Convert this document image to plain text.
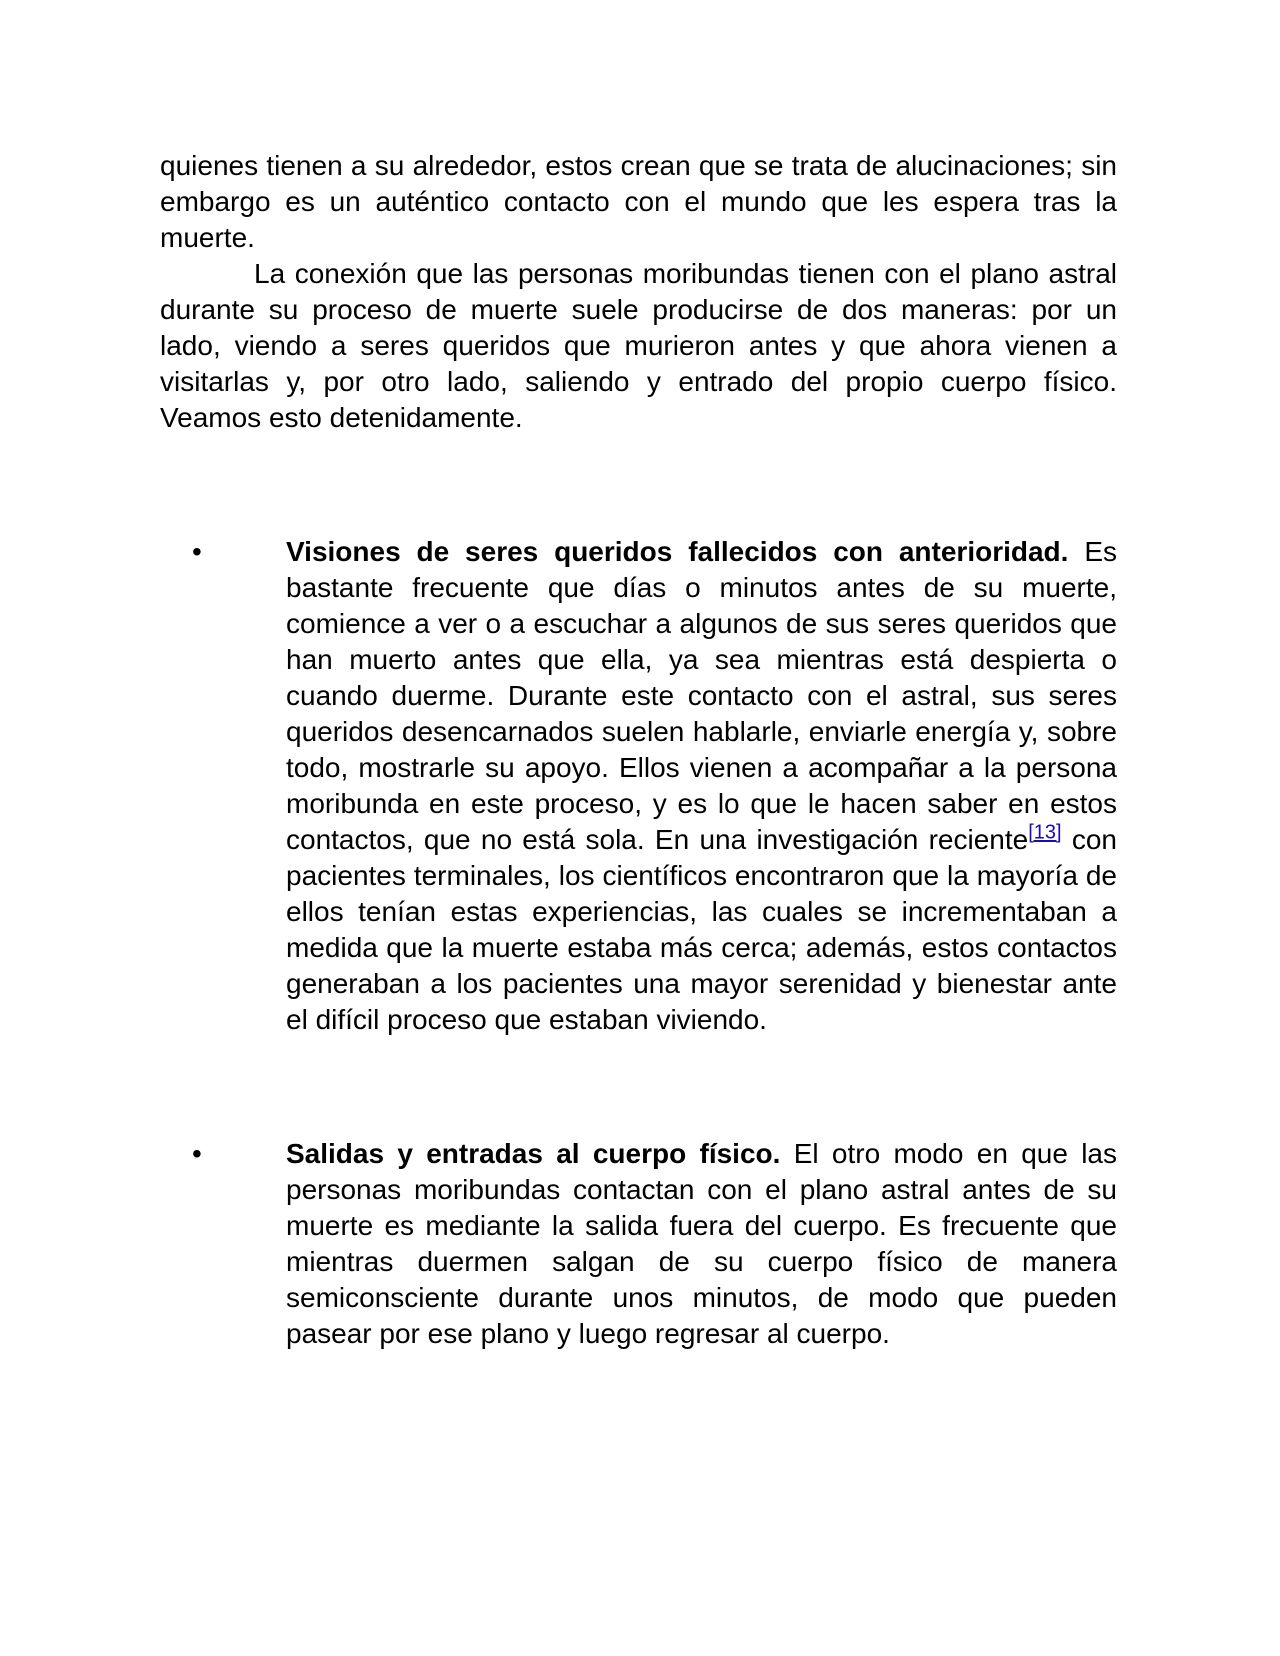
quienes tienen a su alrededor, estos crean que se trata de alucinaciones; sin embargo es un auténtico contacto con el mundo que les espera tras la muerte.

La conexión que las personas moribundas tienen con el plano astral durante su proceso de muerte suele producirse de dos maneras: por un lado, viendo a seres queridos que murieron antes y que ahora vienen a visitarlas y, por otro lado, saliendo y entrado del propio cuerpo físico. Veamos esto detenidamente.

•	Visiones de seres queridos fallecidos con anterioridad. Es bastante frecuente que días o minutos antes de su muerte, comience a ver o a escuchar a algunos de sus seres queridos que han muerto antes que ella, ya sea mientras está despierta o cuando duerme. Durante este contacto con el astral, sus seres queridos desencarnados suelen hablarle, enviarle energía y, sobre todo, mostrarle su apoyo. Ellos vienen a acompañar a la persona moribunda en este proceso, y es lo que le hacen saber en estos contactos, que no está sola. En una investigación reciente[13] con pacientes terminales, los científicos encontraron que la mayoría de ellos tenían estas experiencias, las cuales se incrementaban a medida que la muerte estaba más cerca; además, estos contactos generaban a los pacientes una mayor serenidad y bienestar ante el difícil proceso que estaban viviendo.
•	Salidas y entradas al cuerpo físico. El otro modo en que las personas moribundas contactan con el plano astral antes de su muerte es mediante la salida fuera del cuerpo. Es frecuente que mientras duermen salgan de su cuerpo físico de manera semiconsciente durante unos minutos, de modo que pueden pasear por ese plano y luego regresar al cuerpo.
